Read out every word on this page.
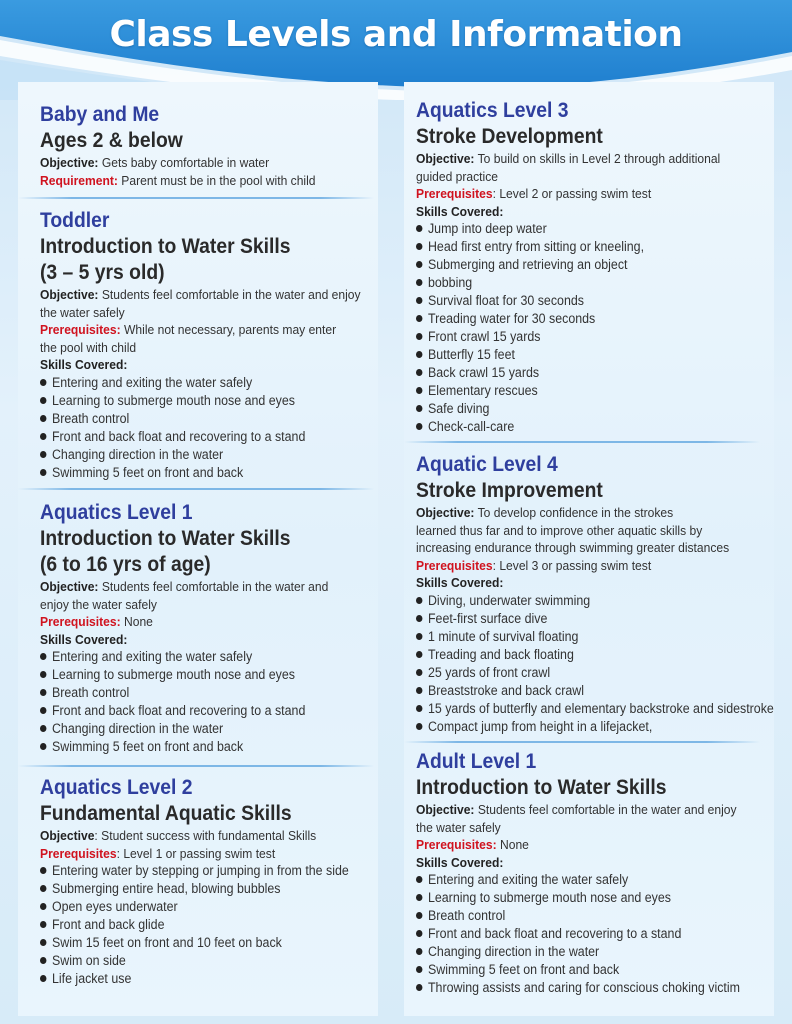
Class Levels and Information
Baby and Me
Ages 2 & below
Objective: Gets baby comfortable in water
Requirement: Parent must be in the pool with child
Toddler
Introduction to Water Skills
(3 – 5 yrs old)
Objective: Students feel comfortable in the water and enjoy
the water safely
Prerequisites: While not necessary, parents may enter
the pool with child
Skills Covered:
Entering and exiting the water safely
Learning to submerge mouth nose and eyes
Breath control
Front and back float and recovering to a stand
Changing direction in the water
Swimming 5 feet on front and back
Aquatics Level 1
Introduction to Water Skills
(6 to 16 yrs of age)
Objective: Students feel comfortable in the water and
enjoy the water safely
Prerequisites: None
Skills Covered:
Entering and exiting the water safely
Learning to submerge mouth nose and eyes
Breath control
Front and back float and recovering to a stand
Changing direction in the water
Swimming 5 feet on front and back
Aquatics Level 2
Fundamental Aquatic Skills
Objective: Student success with fundamental Skills
Prerequisites: Level 1 or passing swim test
Entering water by stepping or jumping in from the side
Submerging entire head, blowing bubbles
Open eyes underwater
Front and back glide
Swim 15 feet on front and 10 feet on back
Swim on side
Life jacket use
Aquatics Level 3
Stroke Development
Objective: To build on skills in Level 2 through additional
guided practice
Prerequisites: Level 2 or passing swim test
Skills Covered:
Jump into deep water
Head first entry from sitting or kneeling,
Submerging and retrieving an object
bobbing
Survival float for 30 seconds
Treading water for 30 seconds
Front crawl 15 yards
Butterfly 15 feet
Back crawl 15 yards
Elementary rescues
Safe diving
Check-call-care
Aquatic Level 4
Stroke Improvement
Objective: To develop confidence in the strokes
learned thus far and to improve other aquatic skills by
increasing endurance through swimming greater distances
Prerequisites: Level 3 or passing swim test
Skills Covered:
Diving, underwater swimming
Feet-first surface dive
1 minute of survival floating
Treading and back floating
25 yards of front crawl
Breaststroke and back crawl
15 yards of butterfly and elementary backstroke and sidestroke
Compact jump from height in a lifejacket,
Adult Level 1
Introduction to Water Skills
Objective: Students feel comfortable in the water and enjoy
the water safely
Prerequisites: None
Skills Covered:
Entering and exiting the water safely
Learning to submerge mouth nose and eyes
Breath control
Front and back float and recovering to a stand
Changing direction in the water
Swimming 5 feet on front and back
Throwing assists and caring for conscious choking victim
